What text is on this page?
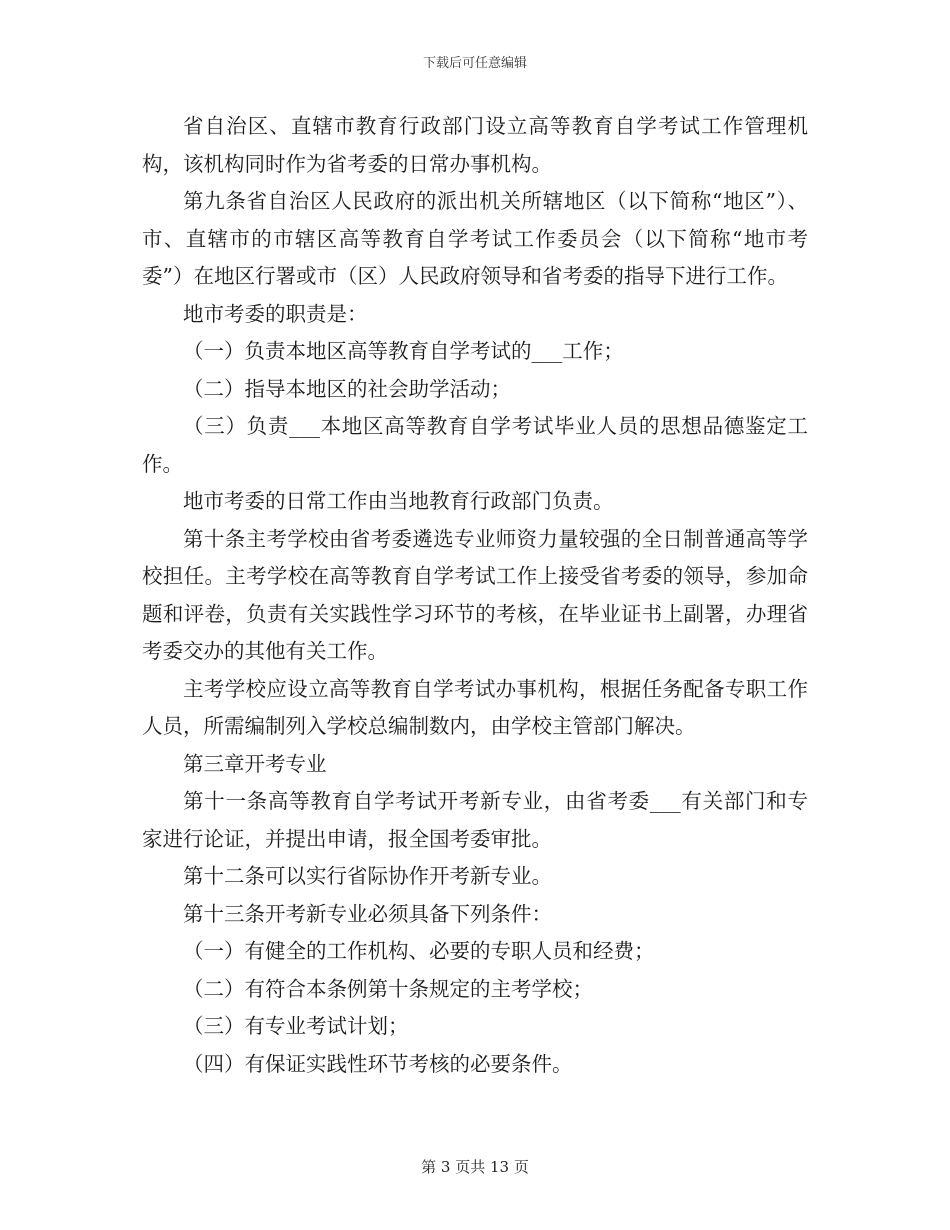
下载后可任意编辑

省自治区、直辖市教育行政部门设立高等教育自学考试工作管理机构，该机构同时作为省考委的日常办事机构。

第九条省自治区人民政府的派出机关所辖地区（以下简称“地区”）、市、直辖市的市辖区高等教育自学考试工作委员会（以下简称“地市考委”）在地区行署或市（区）人民政府领导和省考委的指导下进行工作。

地市考委的职责是：

（一）负责本地区高等教育自学考试的___工作；

（二）指导本地区的社会助学活动；

（三）负责___本地区高等教育自学考试毕业人员的思想品德鉴定工作。

地市考委的日常工作由当地教育行政部门负责。

第十条主考学校由省考委遴选专业师资力量较强的全日制普通高等学校担任。主考学校在高等教育自学考试工作上接受省考委的领导，参加命题和评卷，负责有关实践性学习环节的考核，在毕业证书上副署，办理省考委交办的其他有关工作。

主考学校应设立高等教育自学考试办事机构，根据任务配备专职工作人员，所需编制列入学校总编制数内，由学校主管部门解决。

第三章开考专业

第十一条高等教育自学考试开考新专业，由省考委___有关部门和专家进行论证，并提出申请，报全国考委审批。

第十二条可以实行省际协作开考新专业。

第十三条开考新专业必须具备下列条件：

（一）有健全的工作机构、必要的专职人员和经费；

（二）有符合本条例第十条规定的主考学校；

（三）有专业考试计划；

（四）有保证实践性环节考核的必要条件。

第 3 页共 13 页
